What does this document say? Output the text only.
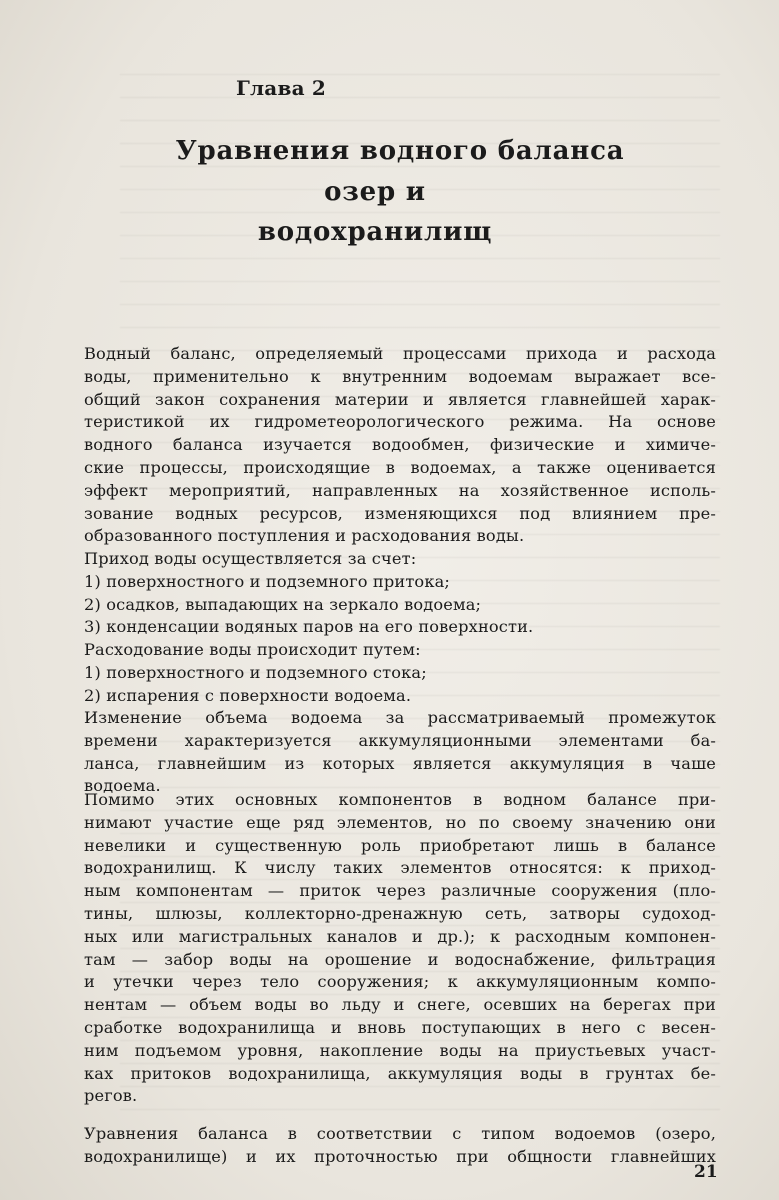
Глава 2
Уравнения водного баланса
озер и водохранилищ
Водный баланс, определяемый процессами прихода и расхода
воды, применительно к внутренним водоемам выражает все-
общий закон сохранения материи и является главнейшей харак-
теристикой их гидрометеорологического режима. На основе
водного баланса изучается водообмен, физические и химиче-
ские процессы, происходящие в водоемах, а также оценивается
эффект мероприятий, направленных на хозяйственное исполь-
зование водных ресурсов, изменяющихся под влиянием пре-
образованного поступления и расходования воды.
Приход воды осуществляется за счет:
1) поверхностного и подземного притока;
2) осадков, выпадающих на зеркало водоема;
3) конденсации водяных паров на его поверхности.
Расходование воды происходит путем:
1) поверхностного и подземного стока;
2) испарения с поверхности водоема.
Изменение объема водоема за рассматриваемый промежуток
времени характеризуется аккумуляционными элементами ба-
ланса, главнейшим из которых является аккумуляция в чаше
водоема.
Помимо этих основных компонентов в водном балансе при-
нимают участие еще ряд элементов, но по своему значению они
невелики и существенную роль приобретают лишь в балансе
водохранилищ. К числу таких элементов относятся: к приход-
ным компонентам — приток через различные сооружения (пло-
тины, шлюзы, коллекторно-дренажную сеть, затворы судоход-
ных или магистральных каналов и др.); к расходным компонен-
там — забор воды на орошение и водоснабжение, фильтрация
и утечки через тело сооружения; к аккумуляционным компо-
нентам — объем воды во льду и снеге, осевших на берегах при
сработке водохранилища и вновь поступающих в него с весен-
ним подъемом уровня, накопление воды на приустьевых участ-
ках притоков водохранилища, аккумуляция воды в грунтах бе-
регов.
Уравнения баланса в соответствии с типом водоемов (озеро,
водохранилище) и их проточностью при общности главнейших
21
